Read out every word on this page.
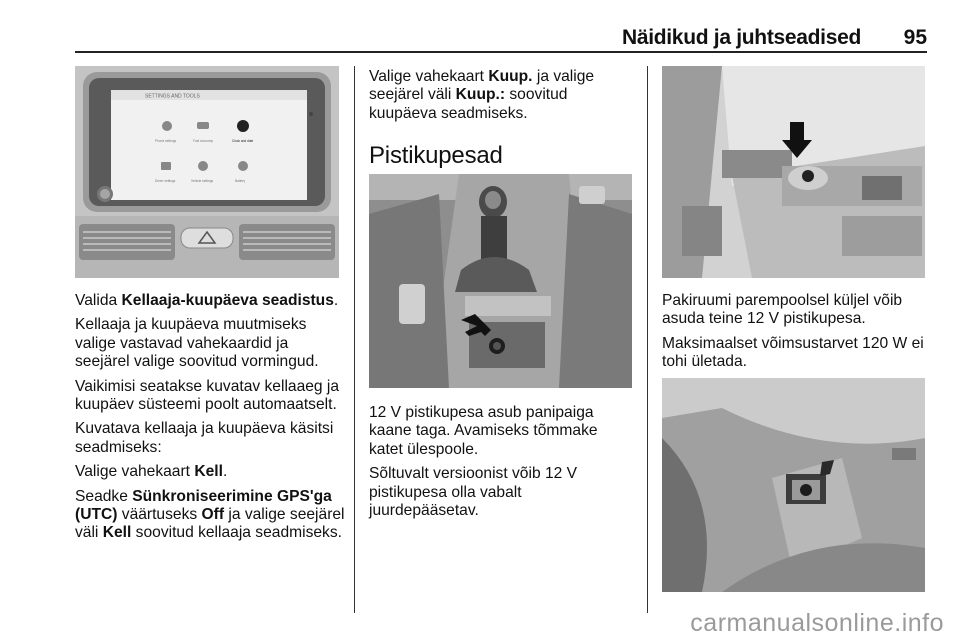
Näidikud ja juhtseadised 95
SETTINGS AND TOOLS
Phone settings	Fuel economy	Clock and date
Driver settings	Vehicle settings	Battery

Valida Kellaaja-kuupäeva seadistus.

Kellaaja ja kuupäeva muutmiseks valige vastavad vahekaardid ja seejärel valige soovitud vormingud.

Vaikimisi seatakse kuvatav kellaaeg ja kuupäev süsteemi poolt automaatselt.

Kuvatava kellaaja ja kuupäeva käsitsi seadmiseks:

Valige vahekaart Kell.

Seadke Sünkroniseerimine GPS'ga (UTC) väärtuseks Off ja valige seejärel väli Kell soovitud kellaaja seadmiseks.

Valige vahekaart Kuup. ja valige seejärel väli Kuup.: soovitud kuupäeva seadmiseks.

Pistikupesad

12 V pistikupesa asub panipaiga kaane taga. Avamiseks tõmmake katet ülespoole.

Sõltuvalt versioonist võib 12 V pistikupesa olla vabalt juurdepääsetav.

Pakiruumi parempoolsel küljel võib asuda teine 12 V pistikupesa.

Maksimaalset võimsustarvet 120 W ei tohi ületada.

carmanualsonline.info
